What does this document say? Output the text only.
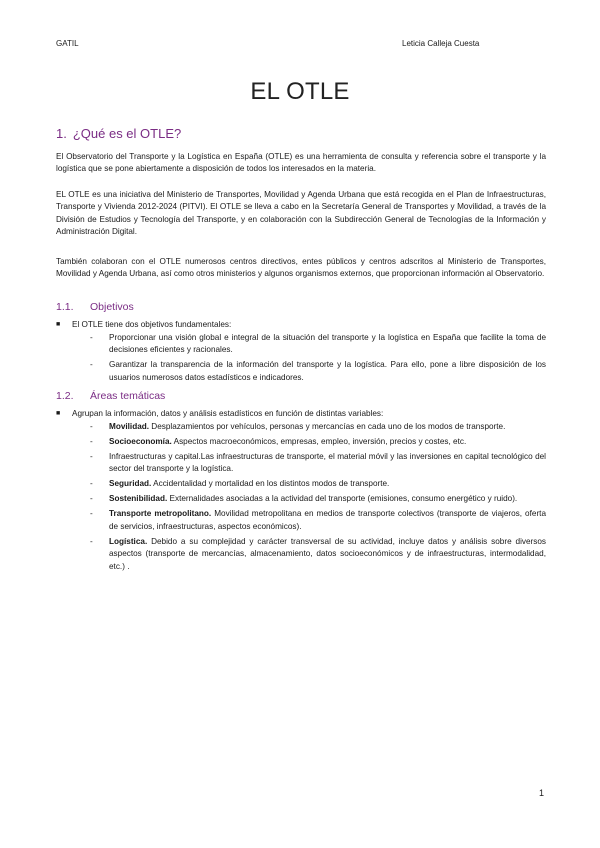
GATIL	Leticia Calleja Cuesta
EL OTLE
1. ¿Qué es el OTLE?

El Observatorio del Transporte y la Logística en España (OTLE) es una herramienta de consulta y referencia sobre el transporte y la logística que se pone abiertamente a disposición de todos los interesados en la materia.

EL OTLE es una iniciativa del Ministerio de Transportes, Movilidad y Agenda Urbana que está recogida en el Plan de Infraestructuras, Transporte y Vivienda 2012-2024 (PITVI). El OTLE se lleva a cabo en la Secretaría General de Transportes y Movilidad, a través de la División de Estudios y Tecnología del Transporte, y en colaboración con la Subdirección General de Tecnologías de la Información y Administración Digital.

También colaboran con el OTLE numerosos centros directivos, entes públicos y centros adscritos al Ministerio de Transportes, Movilidad y Agenda Urbana, así como otros ministerios y algunos organismos externos, que proporcionan información al Observatorio.

1.1. Objetivos
■ El OTLE tiene dos objetivos fundamentales:
- Proporcionar una visión global e integral de la situación del transporte y la logística en España que facilite la toma de decisiones eficientes y racionales.
- Garantizar la transparencia de la información del transporte y la logística. Para ello, pone a libre disposición de los usuarios numerosos datos estadísticos e indicadores.
1.2. Áreas temáticas
■ Agrupan la información, datos y análisis estadísticos en función de distintas variables:
- Movilidad. Desplazamientos por vehículos, personas y mercancías en cada uno de los modos de transporte.
- Socioeconomía. Aspectos macroeconómicos, empresas, empleo, inversión, precios y costes, etc.
- Infraestructuras y capital.Las infraestructuras de transporte, el material móvil y las inversiones en capital tecnológico del sector del transporte y la logística.
- Seguridad. Accidentalidad y mortalidad en los distintos modos de transporte.
- Sostenibilidad. Externalidades asociadas a la actividad del transporte (emisiones, consumo energético y ruido).
- Transporte metropolitano. Movilidad metropolitana en medios de transporte colectivos (transporte de viajeros, oferta de servicios, infraestructuras, aspectos económicos).
- Logística. Debido a su complejidad y carácter transversal de su actividad, incluye datos y análisis sobre diversos aspectos (transporte de mercancías, almacenamiento, datos socioeconómicos y de infraestructuras, intermodalidad, etc.) .
1
